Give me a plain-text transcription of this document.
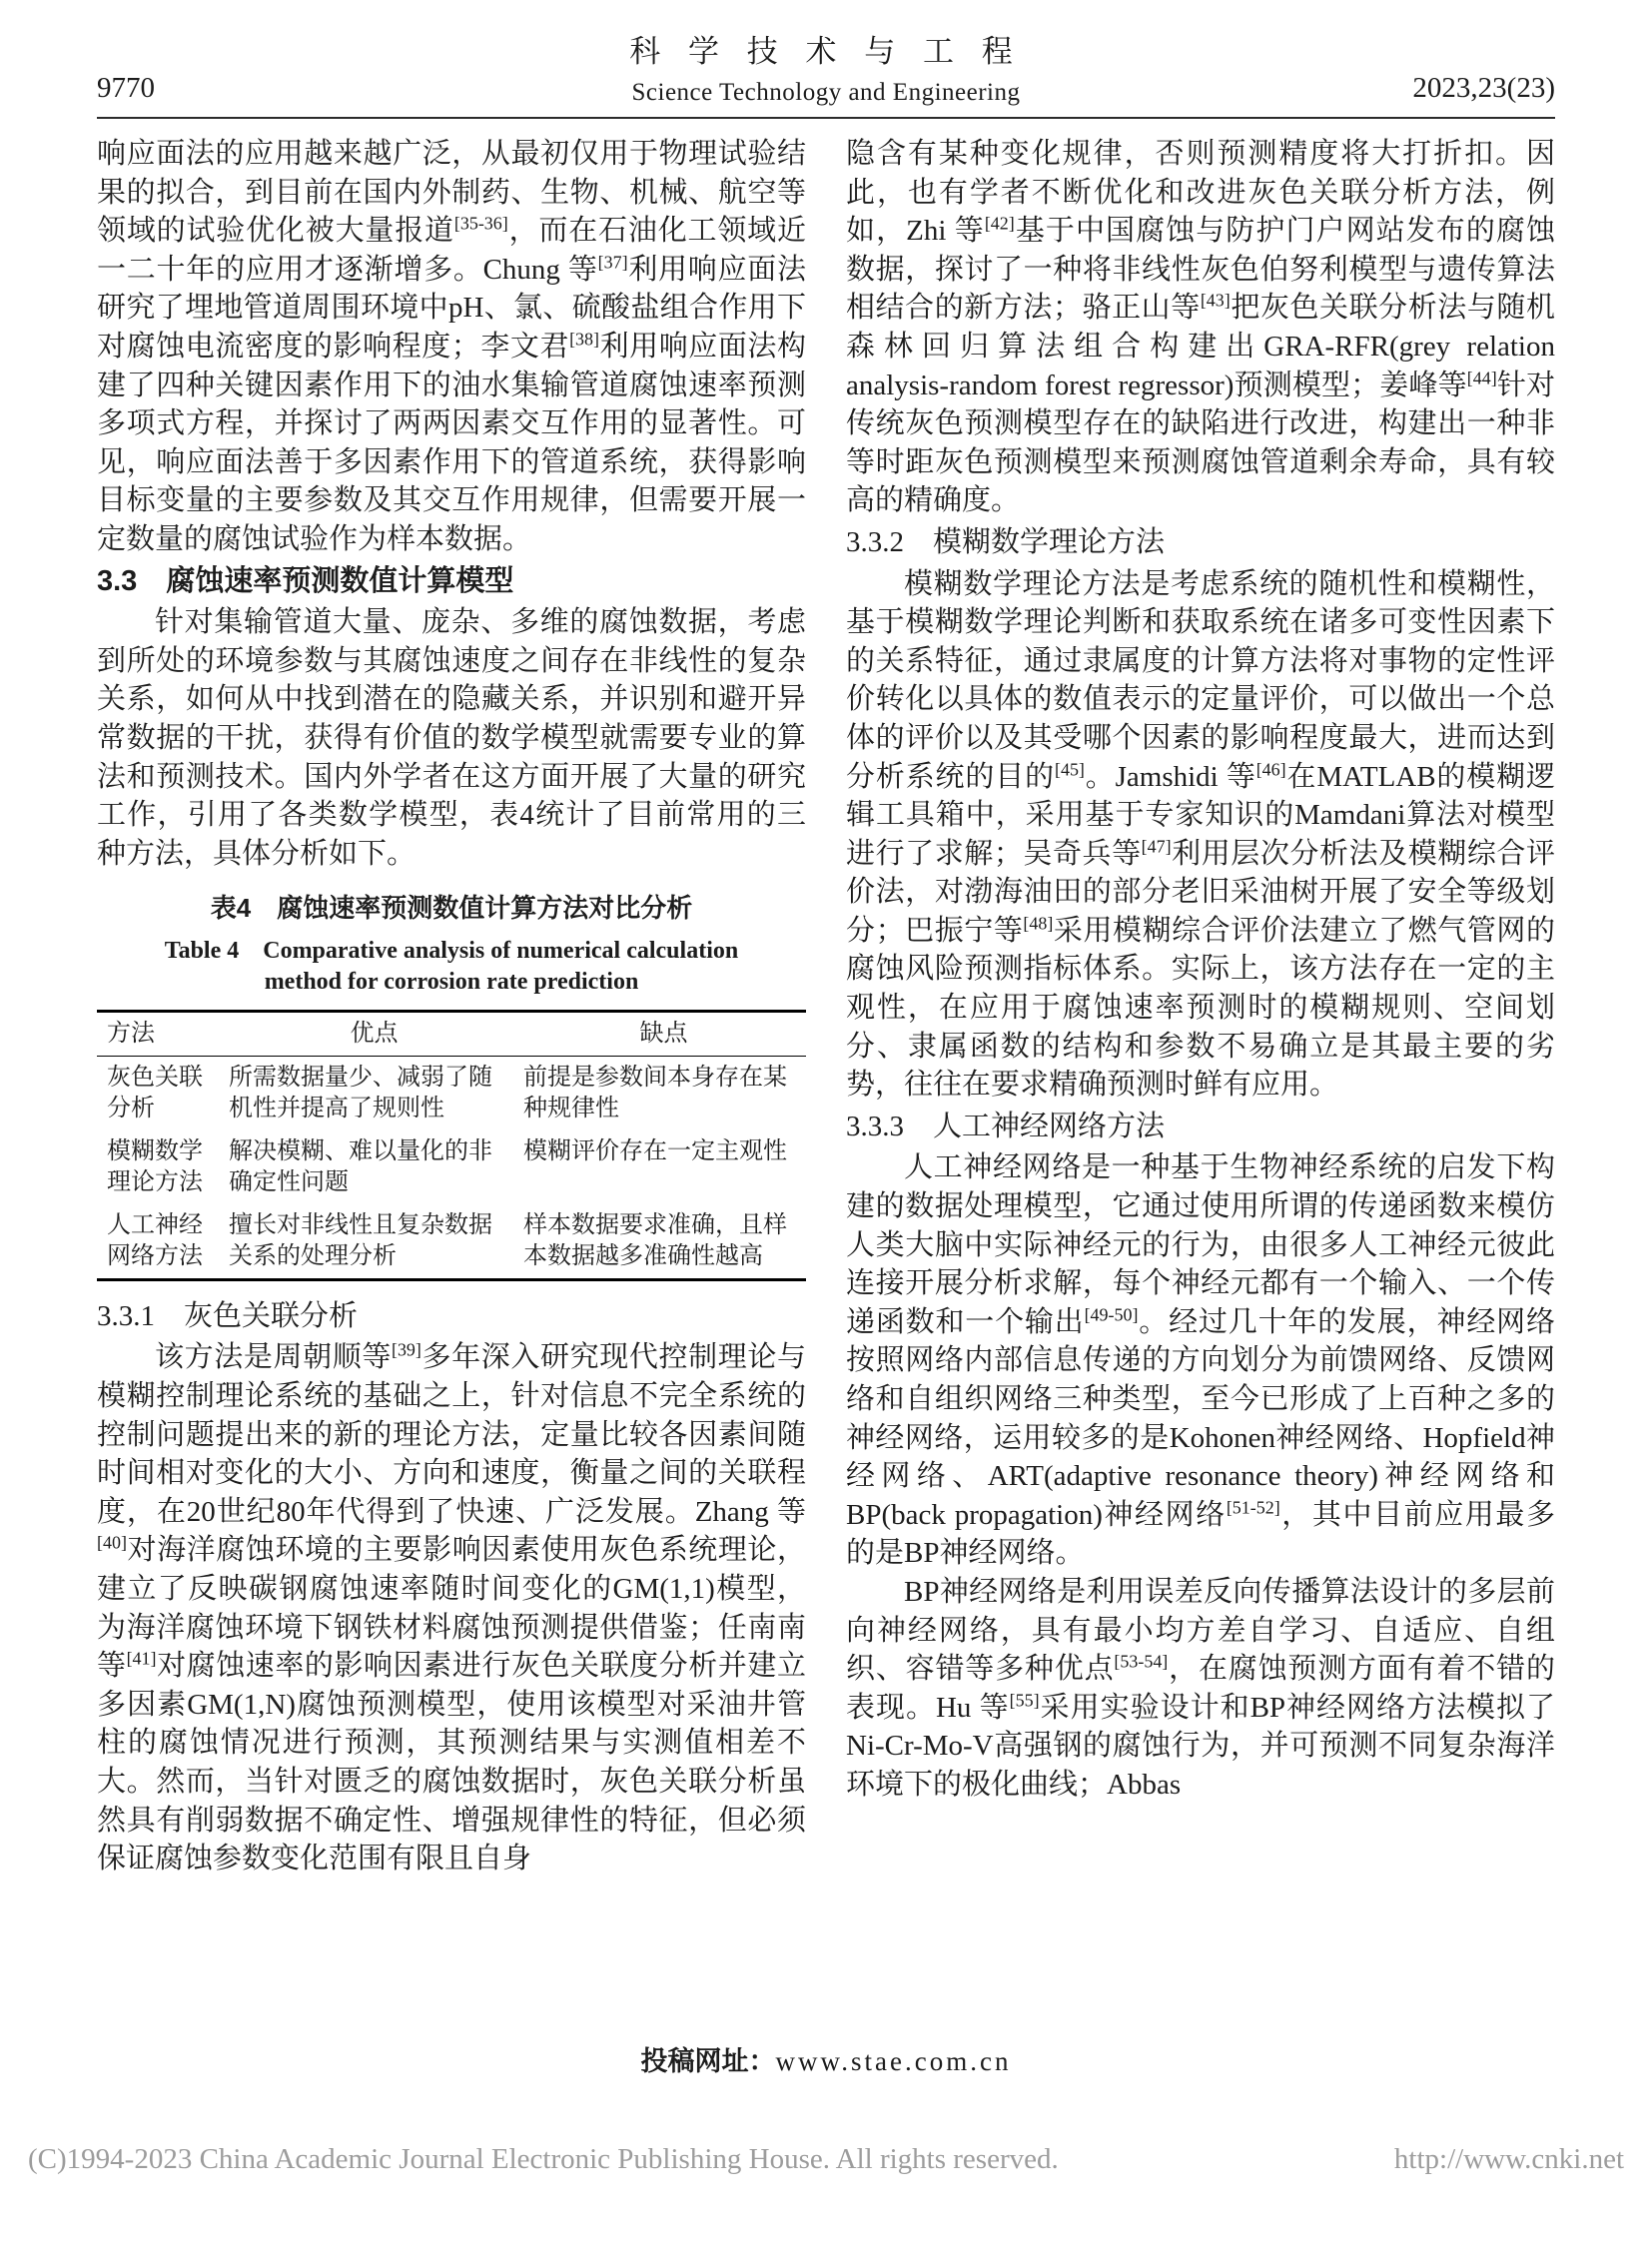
9770
科 学 技 术 与 工 程
Science Technology and Engineering	2023,23(23)

响应面法的应用越来越广泛，从最初仅用于物理试验结果的拟合，到目前在国内外制药、生物、机械、航空等领域的试验优化被大量报道[35-36]，而在石油化工领域近一二十年的应用才逐渐增多。Chung 等[37]利用响应面法研究了埋地管道周围环境中pH、氯、硫酸盐组合作用下对腐蚀电流密度的影响程度；李文君[38]利用响应面法构建了四种关键因素作用下的油水集输管道腐蚀速率预测多项式方程，并探讨了两两因素交互作用的显著性。可见，响应面法善于多因素作用下的管道系统，获得影响目标变量的主要参数及其交互作用规律，但需要开展一定数量的腐蚀试验作为样本数据。

3.3　腐蚀速率预测数值计算模型

针对集输管道大量、庞杂、多维的腐蚀数据，考虑到所处的环境参数与其腐蚀速度之间存在非线性的复杂关系，如何从中找到潜在的隐藏关系，并识别和避开异常数据的干扰，获得有价值的数学模型就需要专业的算法和预测技术。国内外学者在这方面开展了大量的研究工作，引用了各类数学模型，表4统计了目前常用的三种方法，具体分析如下。

表4　腐蚀速率预测数值计算方法对比分析
Table 4　Comparative analysis of numerical calculation
method for corrosion rate prediction
方法	优点	缺点
灰色关联分析	所需数据量少、减弱了随机性并提高了规则性	前提是参数间本身存在某种规律性
模糊数学理论方法	解决模糊、难以量化的非确定性问题	模糊评价存在一定主观性
人工神经网络方法	擅长对非线性且复杂数据关系的处理分析	样本数据要求准确，且样本数据越多准确性越高
3.3.1　灰色关联分析

该方法是周朝顺等[39]多年深入研究现代控制理论与模糊控制理论系统的基础之上，针对信息不完全系统的控制问题提出来的新的理论方法，定量比较各因素间随时间相对变化的大小、方向和速度，衡量之间的关联程度，在20世纪80年代得到了快速、广泛发展。Zhang 等[40]对海洋腐蚀环境的主要影响因素使用灰色系统理论，建立了反映碳钢腐蚀速率随时间变化的GM(1,1)模型，为海洋腐蚀环境下钢铁材料腐蚀预测提供借鉴；任南南等[41]对腐蚀速率的影响因素进行灰色关联度分析并建立多因素GM(1,N)腐蚀预测模型，使用该模型对采油井管柱的腐蚀情况进行预测，其预测结果与实测值相差不大。然而，当针对匮乏的腐蚀数据时，灰色关联分析虽然具有削弱数据不确定性、增强规律性的特征，但必须保证腐蚀参数变化范围有限且自身

隐含有某种变化规律，否则预测精度将大打折扣。因此，也有学者不断优化和改进灰色关联分析方法，例如，Zhi 等[42]基于中国腐蚀与防护门户网站发布的腐蚀数据，探讨了一种将非线性灰色伯努利模型与遗传算法相结合的新方法；骆正山等[43]把灰色关联分析法与随机森林回归算法组合构建出GRA-RFR(grey relation analysis-random forest regressor)预测模型；姜峰等[44]针对传统灰色预测模型存在的缺陷进行改进，构建出一种非等时距灰色预测模型来预测腐蚀管道剩余寿命，具有较高的精确度。

3.3.2　模糊数学理论方法

模糊数学理论方法是考虑系统的随机性和模糊性，基于模糊数学理论判断和获取系统在诸多可变性因素下的关系特征，通过隶属度的计算方法将对事物的定性评价转化以具体的数值表示的定量评价，可以做出一个总体的评价以及其受哪个因素的影响程度最大，进而达到分析系统的目的[45]。Jamshidi 等[46]在MATLAB的模糊逻辑工具箱中，采用基于专家知识的Mamdani算法对模型进行了求解；吴奇兵等[47]利用层次分析法及模糊综合评价法，对渤海油田的部分老旧采油树开展了安全等级划分；巴振宁等[48]采用模糊综合评价法建立了燃气管网的腐蚀风险预测指标体系。实际上，该方法存在一定的主观性，在应用于腐蚀速率预测时的模糊规则、空间划分、隶属函数的结构和参数不易确立是其最主要的劣势，往往在要求精确预测时鲜有应用。

3.3.3　人工神经网络方法

人工神经网络是一种基于生物神经系统的启发下构建的数据处理模型，它通过使用所谓的传递函数来模仿人类大脑中实际神经元的行为，由很多人工神经元彼此连接开展分析求解，每个神经元都有一个输入、一个传递函数和一个输出[49-50]。经过几十年的发展，神经网络按照网络内部信息传递的方向划分为前馈网络、反馈网络和自组织网络三种类型，至今已形成了上百种之多的神经网络，运用较多的是Kohonen神经网络、Hopfield神经网络、ART(adaptive resonance theory)神经网络和BP(back propagation)神经网络[51-52]，其中目前应用最多的是BP神经网络。

BP神经网络是利用误差反向传播算法设计的多层前向神经网络，具有最小均方差自学习、自适应、自组织、容错等多种优点[53-54]，在腐蚀预测方面有着不错的表现。Hu 等[55]采用实验设计和BP神经网络方法模拟了Ni-Cr-Mo-V高强钢的腐蚀行为，并可预测不同复杂海洋环境下的极化曲线；Abbas

投稿网址：www.stae.com.cn
(C)1994-2023 China Academic Journal Electronic Publishing House. All rights reserved.	http://www.cnki.net
